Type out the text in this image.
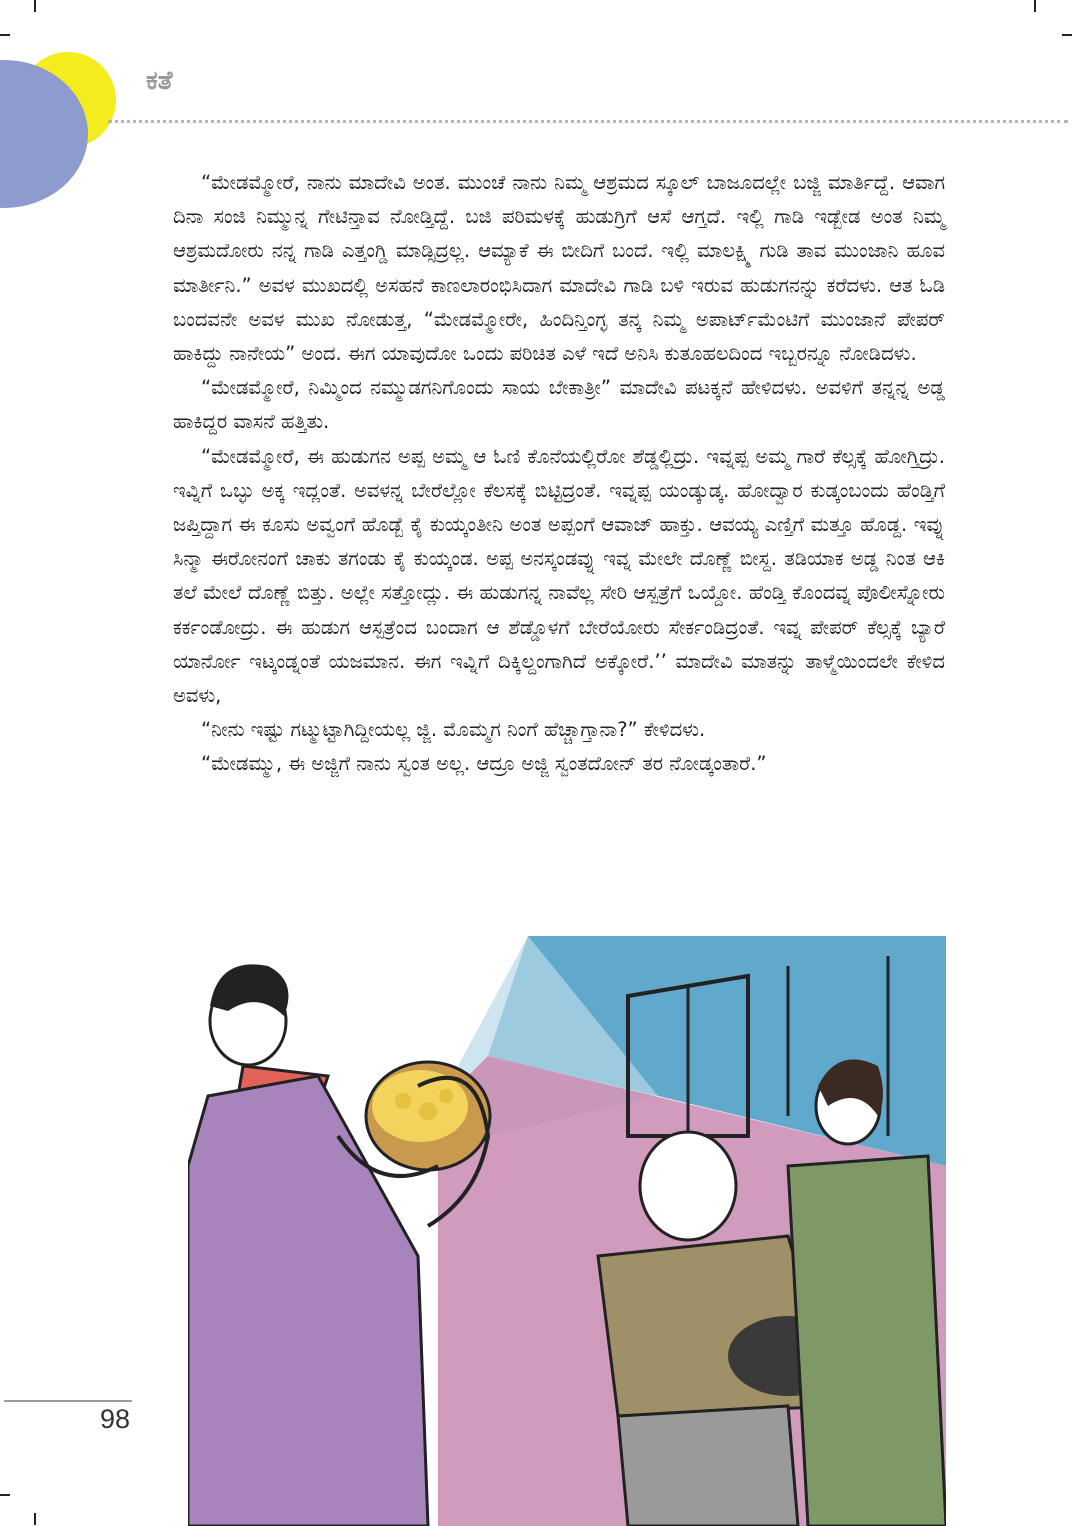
ಕತೆ

“ಮೇಡಮ್ಮೋರೆ, ನಾನು ಮಾದೇವಿ ಅಂತ. ಮುಂಚೆ ನಾನು ನಿಮ್ಮ ಆಶ್ರಮದ ಸ್ಕೂಲ್ ಬಾಜೂದಲ್ಲೇ ಬಜ್ಜಿ ಮಾರ್ತಿದ್ದೆ. ಆವಾಗ ದಿನಾ ಸಂಜಿ ನಿಮ್ಮುನ್ನ ಗೇಟಿನ್ತಾವ ನೋಡ್ತಿದ್ದೆ. ಬಜಿ ಪರಿಮಳಕ್ಕೆ ಹುಡುಗ್ರಿಗೆ ಆಸೆ ಆಗ್ತದೆ. ಇಲ್ಲಿ ಗಾಡಿ ಇಡ್ಬೇಡ ಅಂತ ನಿಮ್ಮ ಆಶ್ರಮದೋರು ನನ್ನ ಗಾಡಿ ಎತ್ತಂಗ್ಡಿ ಮಾಡ್ಸಿದ್ರಲ್ಲ. ಆಮ್ಯಾಕೆ ಈ ಬೀದಿಗೆ ಬಂದೆ. ಇಲ್ಲಿ ಮಾಲಕ್ಷ್ಮಿ ಗುಡಿ ತಾವ ಮುಂಜಾನಿ ಹೂವ ಮಾರ್ತೀನಿ.” ಅವಳ ಮುಖದಲ್ಲಿ ಅಸಹನೆ ಕಾಣಲಾರಂಭಿಸಿದಾಗ ಮಾದೇವಿ ಗಾಡಿ ಬಳಿ ಇರುವ ಹುಡುಗನನ್ನು ಕರೆದಳು. ಆತ ಓಡಿ ಬಂದವನೇ ಅವಳ ಮುಖ ನೋಡುತ್ತ, “ಮೇಡಮ್ಮೋರೇ, ಹಿಂದಿನ್ತಿಂಗ್ಳ ತನ್ಕ ನಿಮ್ಮ ಅಪಾರ್ಟ್‌ಮೆಂಟಿಗೆ ಮುಂಜಾನೆ ಪೇಪರ್ ಹಾಕಿದ್ದು ನಾನೇಯ” ಅಂದ. ಈಗ ಯಾವುದೋ ಒಂದು ಪರಿಚಿತ ಎಳೆ ಇದೆ ಅನಿಸಿ ಕುತೂಹಲದಿಂದ ಇಬ್ಬರನ್ನೂ ನೋಡಿದಳು.

“ಮೇಡಮ್ಮೋರೆ, ನಿಮ್ಮಿಂದ ನಮ್ಮುಡಗನಿಗೊಂದು ಸಾಯ ಬೇಕಾತ್ರೀ” ಮಾದೇವಿ ಪಟಕ್ಕನೆ ಹೇಳಿದಳು. ಅವಳಿಗೆ ತನ್ನನ್ನ ಅಡ್ಡ ಹಾಕಿದ್ದರ ವಾಸನೆ ಹತ್ತಿತು.

“ಮೇಡಮ್ಮೋರೆ, ಈ ಹುಡುಗನ ಅಪ್ಪ ಅಮ್ಮ ಆ ಓಣಿ ಕೊನೆಯಲ್ಲಿರೋ ಶೆಡ್ಡಲ್ಲಿದ್ರು. ಇವ್ನಪ್ಪ ಅಮ್ಮ ಗಾರೆ ಕೆಲ್ಸಕ್ಕೆ ಹೋಗ್ತಿದ್ರು. ಇವ್ನಿಗೆ ಒಬ್ಳು ಅಕ್ಕ ಇದ್ಲಂತೆ. ಅವಳನ್ನ ಬೇರೆಲ್ಲೋ ಕೆಲಸಕ್ಕೆ ಬಿಟ್ಟಿದ್ರಂತೆ. ಇವ್ನಪ್ಪ ಯಂಡ್ಕುಡ್ಕ. ಹೋದ್ವಾರ ಕುಡ್ಕಂಬಂದು ಹೆಂಡ್ತಿಗೆ ಜಪ್ತಿದ್ದಾಗ ಈ ಕೂಸು ಅವ್ವಂಗೆ ಹೊಡ್ಬೆ ಕೈ ಕುಯ್ಕಂತೀನಿ ಅಂತ ಅಪ್ಪಂಗೆ ಆವಾಜ್ ಹಾಕ್ತು. ಆವಯ್ಯ ಎಣ್ತಿಗೆ ಮತ್ತೂ ಹೊಡ್ದ. ಇವ್ನು ಸಿನ್ಮಾ ಈರೋನಂಗೆ ಚಾಕು ತಗಂಡು ಕೈ ಕುಯ್ಕಂಡ. ಅಪ್ಪ ಅನಸ್ಕಂಡವ್ನು ಇವ್ನ ಮೇಲೇ ದೊಣ್ಣೆ ಬೀಸ್ದ. ತಡಿಯಾಕ ಅಡ್ಡ ನಿಂತ ಆಕಿ ತಲೆ ಮೇಲೆ ದೊಣ್ಣೆ ಬಿತ್ತು. ಅಲ್ಲೇ ಸತ್ತೋದ್ಲು. ಈ ಹುಡುಗನ್ನ ನಾವೆಲ್ಲ ಸೇರಿ ಆಸ್ಪತ್ರೆಗೆ ಒಯ್ದೋ. ಹೆಂಡ್ತಿ ಕೊಂದವ್ನ ಪೊಲೀಸ್ನೋರು ಕರ್ಕಂಡೋದ್ರು. ಈ ಹುಡುಗ ಆಸ್ಪತ್ರೆಂದ ಬಂದಾಗ ಆ ಶೆಡ್ಡೊಳಗೆ ಬೇರೆಯೋರು ಸೇರ್ಕಂಡಿದ್ರಂತೆ. ಇವ್ನ ಪೇಪರ್ ಕೆಲ್ಸಕ್ಕೆ ಬ್ಯಾರೆ ಯಾರ್ನೋ ಇಟ್ಕಂಡ್ನಂತೆ ಯಜಮಾನ. ಈಗ ಇವ್ನಿಗೆ ದಿಕ್ಕಿಲ್ದಂಗಾಗಿದೆ ಅಕ್ಕೋರೆ.’’ ಮಾದೇವಿ ಮಾತನ್ನು ತಾಳ್ಮೆಯಿಂದಲೇ ಕೇಳಿದ ಅವಳು,

“ನೀನು ಇಷ್ಟು ಗಟ್ಮುಟ್ಟಾಗಿದ್ದೀಯಲ್ಲ ಜ್ಜಿ. ಮೊಮ್ಮಗ ನಿಂಗೆ ಹೆಚ್ಚಾಗ್ತಾನಾ?” ಕೇಳಿದಳು.

“ಮೇಡಮ್ಮು, ಈ ಅಜ್ಜಿಗೆ ನಾನು ಸ್ವಂತ ಅಲ್ಲ. ಆದ್ರೂ ಅಜ್ಜಿ ಸ್ವಂತದೋನ್ ತರ ನೋಡ್ಕಂತಾರೆ.”

98
